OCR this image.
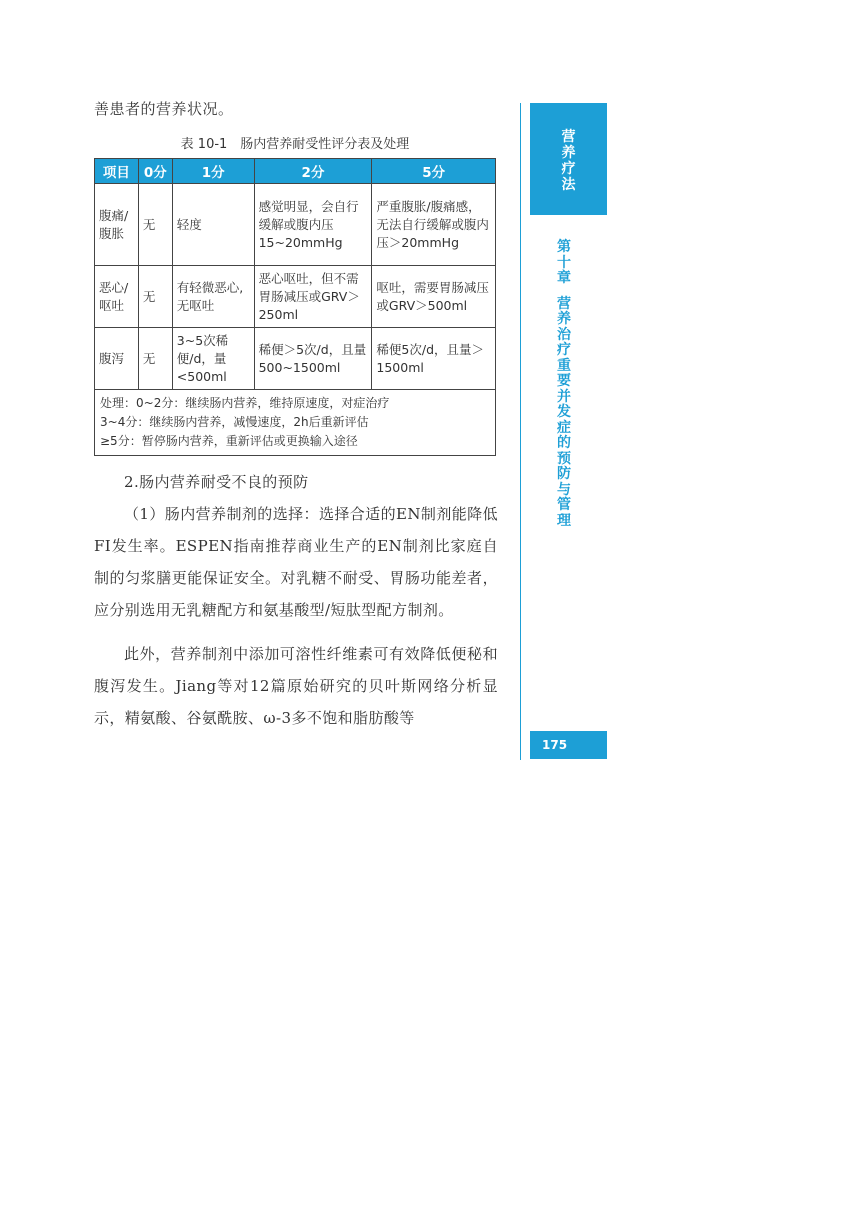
善患者的营养状况。
表 10-1　肠内营养耐受性评分表及处理
项目	0分	1分	2分	5分
腹痛/腹胀	无	轻度	感觉明显，会自行缓解或腹内压15~20mmHg	严重腹胀/腹痛感，无法自行缓解或腹内压＞20mmHg
恶心/呕吐	无	有轻微恶心,无呕吐	恶心呕吐，但不需胃肠减压或GRV＞250ml	呕吐，需要胃肠减压或GRV＞500ml
腹泻	无	3~5次稀便/d，量<500ml	稀便＞5次/d，且量500~1500ml	稀便5次/d，且量＞1500ml

处理：0~2分：继续肠内营养，维持原速度，对症治疗
3~4分：继续肠内营养，减慢速度，2h后重新评估
≥5分：暂停肠内营养，重新评估或更换输入途径				

2.肠内营养耐受不良的预防

（1）肠内营养制剂的选择：选择合适的EN制剂能降低FI发生率。ESPEN指南推荐商业生产的EN制剂比家庭自制的匀浆膳更能保证安全。对乳糖不耐受、胃肠功能差者，应分别选用无乳糖配方和氨基酸型/短肽型配方制剂。

此外，营养制剂中添加可溶性纤维素可有效降低便秘和腹泻发生。Jiang等对12篇原始研究的贝叶斯网络分析显示，精氨酸、谷氨酰胺、ω-3多不饱和脂肪酸等

营
养
疗
法
第
十
章

营
养
治
疗
重
要
并
发
症
的
预
防
与
管
理
175
